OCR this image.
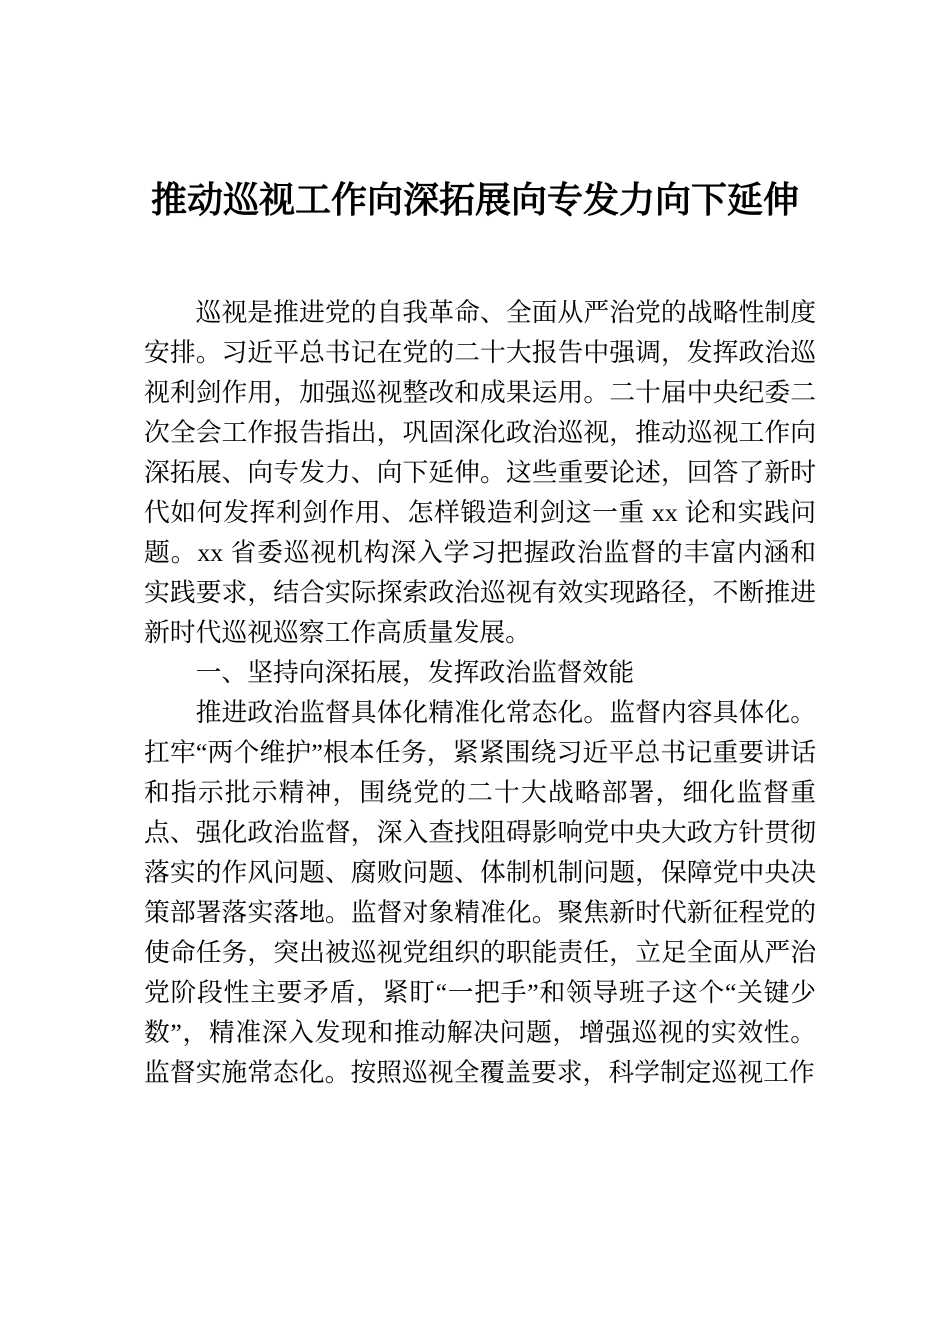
推动巡视工作向深拓展向专发力向下延伸

巡视是推进党的自我革命、全面从严治党的战略性制度安排。习近平总书记在党的二十大报告中强调，发挥政治巡视利剑作用，加强巡视整改和成果运用。二十届中央纪委二次全会工作报告指出，巩固深化政治巡视，推动巡视工作向深拓展、向专发力、向下延伸。这些重要论述，回答了新时代如何发挥利剑作用、怎样锻造利剑这一重 xx 论和实践问题。xx 省委巡视机构深入学习把握政治监督的丰富内涵和实践要求，结合实际探索政治巡视有效实现路径，不断推进新时代巡视巡察工作高质量发展。

一、坚持向深拓展，发挥政治监督效能

推进政治监督具体化精准化常态化。监督内容具体化。扛牢“两个维护”根本任务，紧紧围绕习近平总书记重要讲话和指示批示精神，围绕党的二十大战略部署，细化监督重点、强化政治监督，深入查找阻碍影响党中央大政方针贯彻落实的作风问题、腐败问题、体制机制问题，保障党中央决策部署落实落地。监督对象精准化。聚焦新时代新征程党的使命任务，突出被巡视党组织的职能责任，立足全面从严治党阶段性主要矛盾，紧盯“一把手”和领导班子这个“关键少数”，精准深入发现和推动解决问题，增强巡视的实效性。监督实施常态化。按照巡视全覆盖要求，科学制定巡视工作
